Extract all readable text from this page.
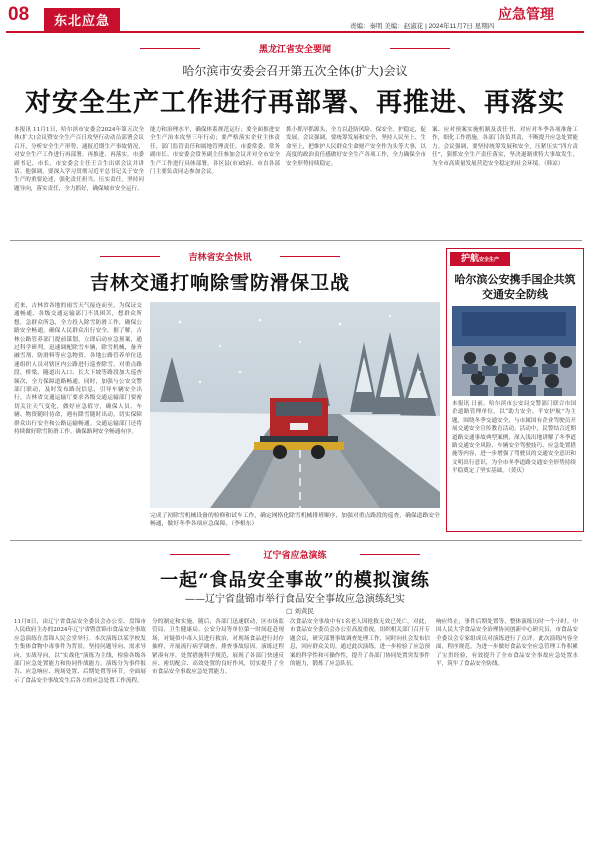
08	东北应急	应急管理
责编：秦明 美编：赵淑花 | 2024年11月7日 星期四
黑龙江省安全要闻
哈尔滨市安委会召开第五次全体(扩大)会议
对安全生产工作进行再部署、再推进、再落实
本报讯 11月1日，哈尔滨市安委会2024年第五次全体(扩大)会议暨安全生产百日攻坚行动动员部署会议召开，分析安全生产形势，通报近期生产事故情况，对安全生产工作进行再部署、再推进、再落实。市委副书记、市长、市安委会主任王合生出席会议并讲话。他强调，要深入学习贯彻习近平总书记关于安全生产的重要论述，强化责任担当，压实责任，坚持问题导向，落实责任，全力抓好，确保城市安全运行。
能力和治理水平，确保体系规范运行；要全面推进安全生产治本攻坚三年行动；要严格落实企业主体责任、部门监管责任和属地管理责任。市委常委、常务副市长、市安委会常务副主任参加会议并对全市安全生产工作进行具体部署。各区县(市)政府、市直各部门主要负责同志参加会议。
抓小抓早抓源头，全力以赴防风险、保安全、护稳定，促发展。会议强调，要统筹发展和安全，坚持人民至上、生命至上，把维护人民群众生命财产安全作为头等大事，以高度的政治责任感做好安全生产各项工作，全力确保全市安全形势持续稳定。
案、应对预案实施机制及责任书，对应对冬季各项准备工作，细化工作措施，各部门各负其责，不断提升应急处置能力。会议强调，要坚持统筹发展和安全，压紧压实“四方责任”，狠抓安全生产责任落实，坚决遏制重特大事故发生，为全市高质量发展营造安全稳定的社会环境。（韩凉）
吉林省安全快讯
吉林交通打响除雪防滑保卫战
近来，吉林省各地的雨雪天气接连而至，为保证交通畅通，各级交通运输部门不畏困苦，想群众所想，急群众所急，全力投入除雪防滑工作，确保公路安全畅通，确保人民群众出行安全。据了解，吉林公路管养部门提前谋划，立即启动应急预案，通过科学研判，迅速调配除雪车辆，除雪机械，备齐融雪剂、防滑料等应急物资。各地公路管养单位迅速组织人员对辖区内公路进行巡查除雪，对重点路段、桥梁、隧道出入口、长大下坡等路段加大巡查频次，全力保障道路畅通。同时，加强与公安交警部门联动，及时发布路况信息，引导车辆安全出行。吉林省交通运输厅要求各级交通运输部门要密切关注天气变化，做好应急值守，确保人员、车辆、物资随时待命，遇有降雪随时出动，切实保障群众出行安全和公路运输畅通。交通运输部门还将持续做好除雪防滑工作，确保路网安全畅通有序。
完成了初除雪机械设备的检修和试车工作，确定网格化除雪机械排班顺序，加强对重点路段的巡查，确保道路安全畅通，做好冬季各项应急保障。（李根东）
护航安全生产
哈尔滨公安携手国企共筑交通安全防线
本报讯 日前，哈尔滨市公安局交警部门联合市国企道路管理单位，以“助力安全、平安护航”为主题，围绕冬季交通安全，与市属国有企业驾驶员开展交通安全宣传教育活动。活动中，民警结合近期道路交通事故典型案例，深入浅出地讲解了冬季道路交通安全风险、车辆安全驾驶技巧、应急处置措施等内容，进一步增强了驾驶员的交通安全意识和文明出行意识，为全市冬季道路交通安全形势持续平稳奠定了坚实基础。（黄庆）
辽宁省应急演练
一起“食品安全事故”的模拟演练
——辽宁省盘锦市举行食品安全事故应急演练纪实
□ 刘黄民
11月8日，由辽宁省食品安全委员会办公室、盘锦市人民政府主办的2024年辽宁省暨盘锦市食品安全事故应急演练在盘锦人民会堂举行。本次演练以某学校发生集体食物中毒事件为背景，坚持问题导向、需求导向、实战导向，以“实战化”演练为主线，检验各级各部门应急处置能力和协同作战能力。演练分为事件报告、应急响应、现场处置、后期处置等环节，全面展示了食品安全事故发生后各方的应急处置工作流程。
分的制定和实施。随后，各部门迅速联动，区市场监管局、卫生健康局、公安分局等单位第一时间赶赴现场，对疑似中毒人员进行救治，对现场食品进行封存抽样，开展流行病学调查，排查事故原因。演练过程紧凑有序，处置措施科学规范，展现了各部门快速反应、密切配合、高效处置的良好作风，切实提升了全市食品安全事故应急处置能力。
次食品安全事故中有1名老人因抢救无效已死亡。对此，市食品安全委员会办公室高度重视，组织相关部门召开专题会议，研究部署事故调查处理工作，同时向社会发布信息，回应群众关切。通过此次演练，进一步检验了应急预案的科学性和可操作性，提升了各部门协同处置突发事件的能力，锻炼了应急队伍。
响应终止，事件后期处置等，整体演练历时一个小时。中国人民大学食品安全治理协同创新中心研究员、市食品安全委员会专家组成员对演练进行了点评。此次演练内容全面，程序规范，为进一步做好食品安全应急管理工作积累了宝贵经验，有效提升了全市食品安全事故应急处置水平，筑牢了食品安全防线。
